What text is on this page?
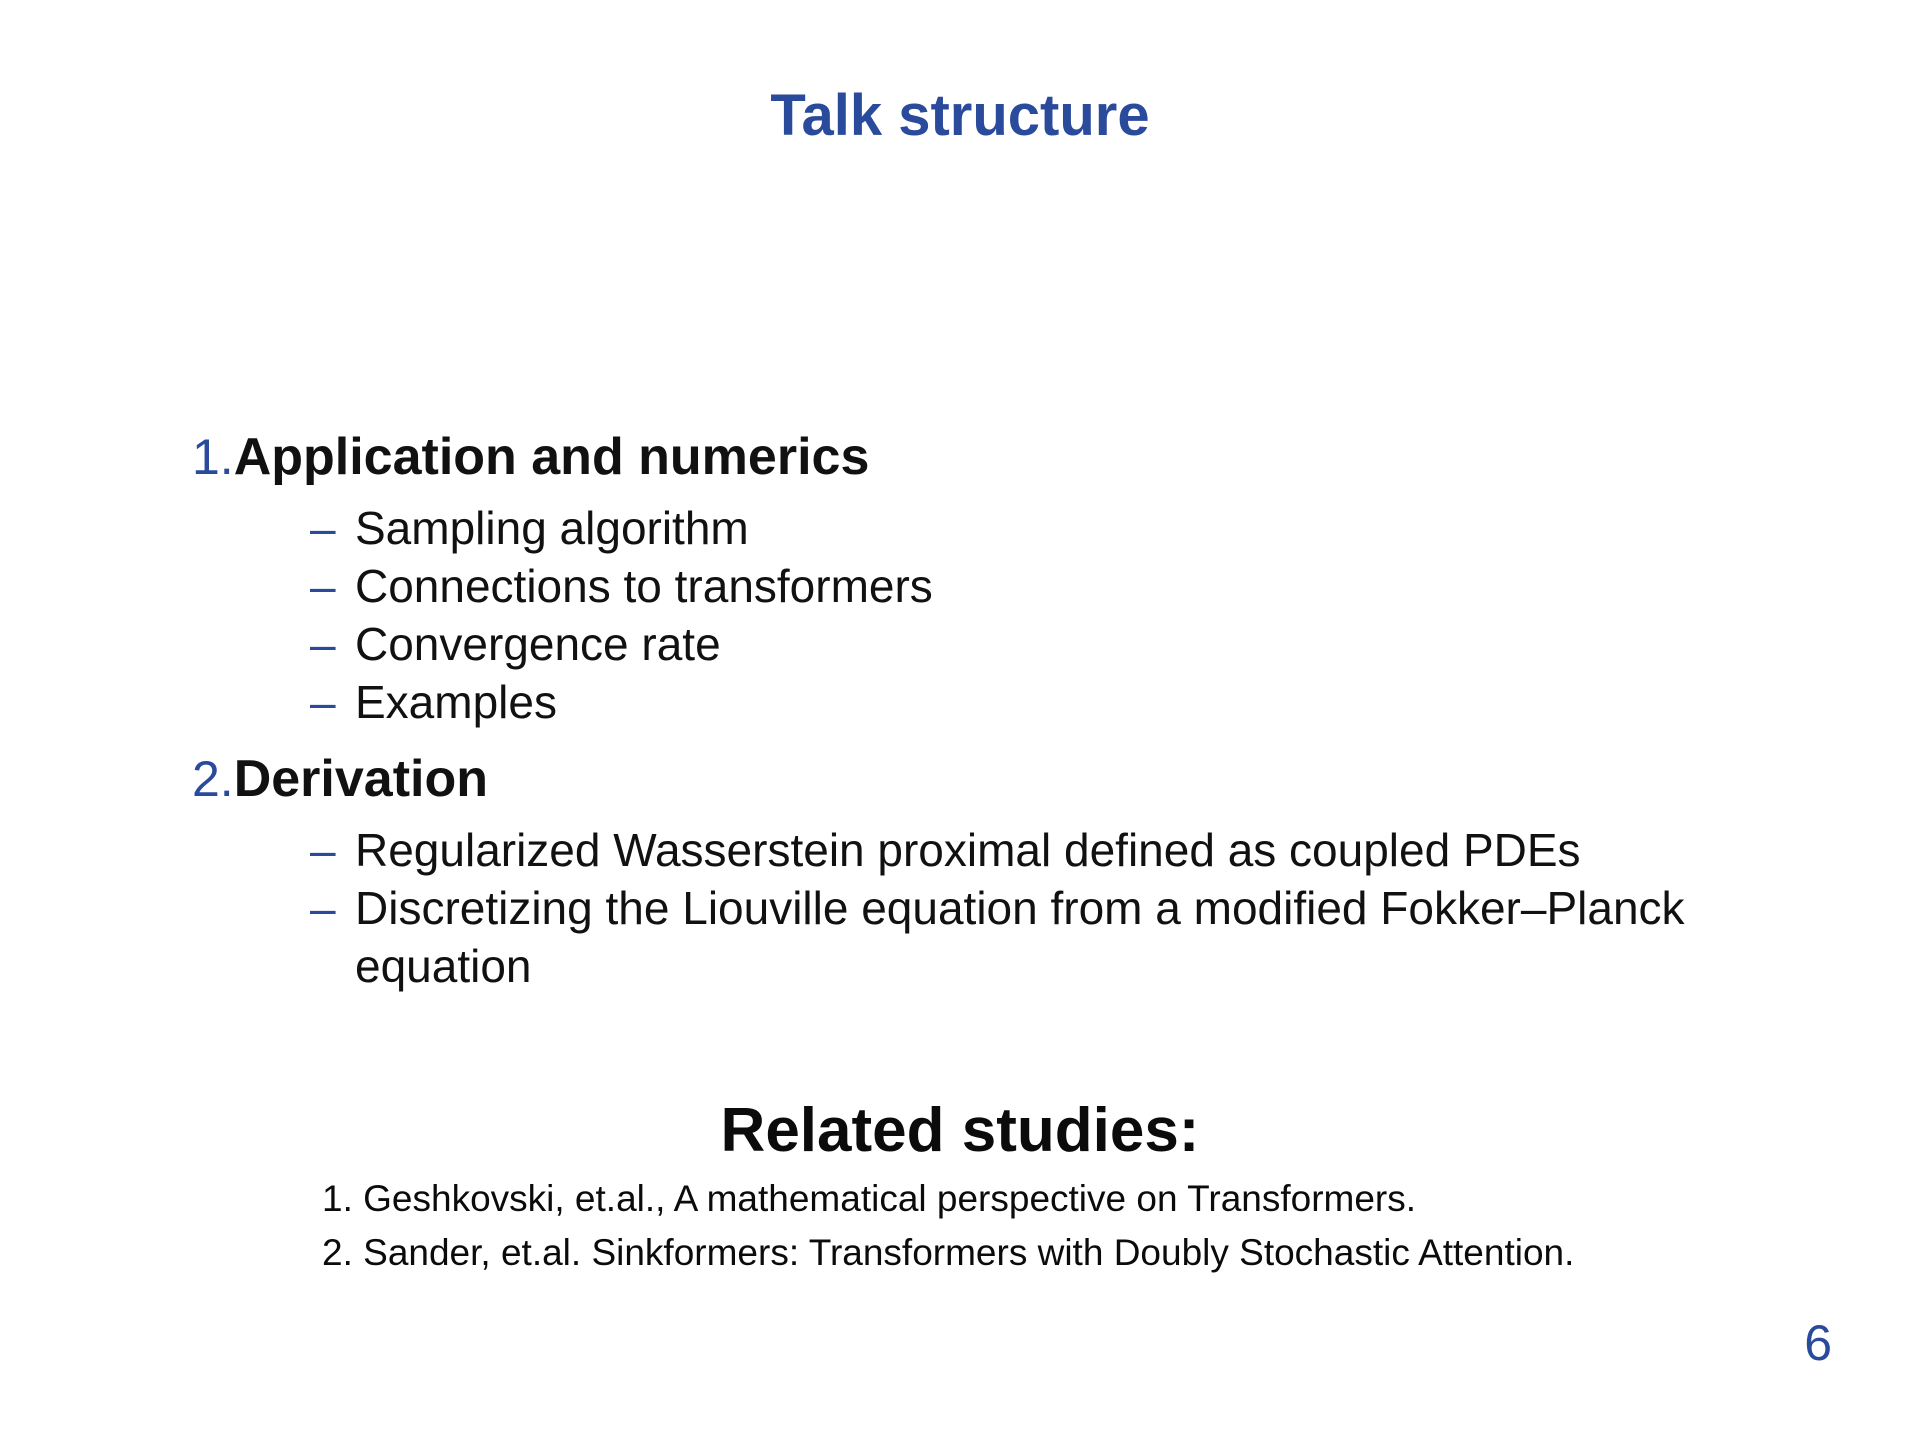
Talk structure
1. Application and numerics
– Sampling algorithm
– Connections to transformers
– Convergence rate
– Examples
2. Derivation
– Regularized Wasserstein proximal defined as coupled PDEs
– Discretizing the Liouville equation from a modified Fokker–Planck equation
Related studies:
1. Geshkovski, et.al., A mathematical perspective on Transformers.
2. Sander, et.al. Sinkformers: Transformers with Doubly Stochastic Attention.
6
